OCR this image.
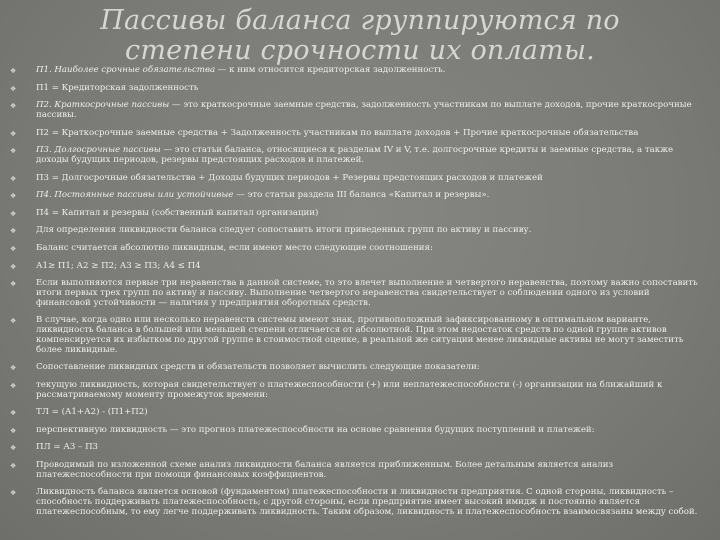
Пассивы баланса группируются по степени срочности их оплаты.
❖ П1. Наиболее срочные обязательства — к ним относится кредиторская задолженность.
❖ П1 = Кредиторская задолженность
❖ П2. Краткосрочные пассивы — это краткосрочные заемные средства, задолженность участникам по выплате доходов, прочие краткосрочные пассивы.
❖ П2 = Краткосрочные заемные средства + Задолженность участникам по выплате доходов + Прочие краткосрочные обязательства
❖ П3. Долгосрочные пассивы — это статьи баланса, относящиеся к разделам IV и V, т.е. долгосрочные кредиты и заемные средства, а также доходы будущих периодов, резервы предстоящих расходов и платежей.
❖ П3 = Долгосрочные обязательства + Доходы будущих периодов + Резервы предстоящих расходов и платежей
❖ П4. Постоянные пассивы или устойчивые — это статьи раздела III баланса «Капитал и резервы».
❖ П4 = Капитал и резервы (собственный капитал организации)
❖ Для определения ликвидности баланса следует сопоставить итоги приведенных групп по активу и пассиву.
❖ Баланс считается абсолютно ликвидным, если имеют место следующие соотношения:
❖ А1≥ П1; А2 ≥ П2; А3 ≥ П3; А4 ≤ П4
❖ Если выполняются первые три неравенства в данной системе, то это влечет выполнение и четвертого неравенства, поэтому важно сопоставить итоги первых трех групп по активу и пассиву. Выполнение четвертого неравенства свидетельствует о соблюдении одного из условий финансовой устойчивости — наличия у предприятия оборотных средств.
❖ В случае, когда одно или несколько неравенств системы имеют знак, противоположный зафиксированному в оптимальном варианте, ликвидность баланса в большей или меньшей степени отличается от абсолютной. При этом недостаток средств по одной группе активов компенсируется их избытком по другой группе в стоимостной оценке, в реальной же ситуации менее ликвидные активы не могут заместить более ликвидные.
❖ Сопоставление ликвидных средств и обязательств позволяет вычислить следующие показатели:
❖ текущую ликвидность, которая свидетельствует о платежеспособности (+) или неплатежеспособности (-) организации на ближайший к рассматриваемому моменту промежуток времени:
❖ ТЛ = (А1+А2) - (П1+П2)
❖ перспективную ликвидность — это прогноз платежеспособности на основе сравнения будущих поступлений и платежей:
❖ ПЛ = А3 – П3
❖ Проводимый по изложенной схеме анализ ликвидности баланса является приближенным. Более детальным является анализ платежеспособности при помощи финансовых коэффициентов.
❖ Ликвидность баланса является основой (фундаментом) платежеспособности и ликвидности предприятия. С одной стороны, ликвидность – способность поддерживать платежеспособность; с другой стороны, если предприятие имеет высокий имидж и постоянно является платежеспособным, то ему легче поддерживать ликвидность. Таким образом, ликвидность и платежеспособность взаимосвязаны между собой.
